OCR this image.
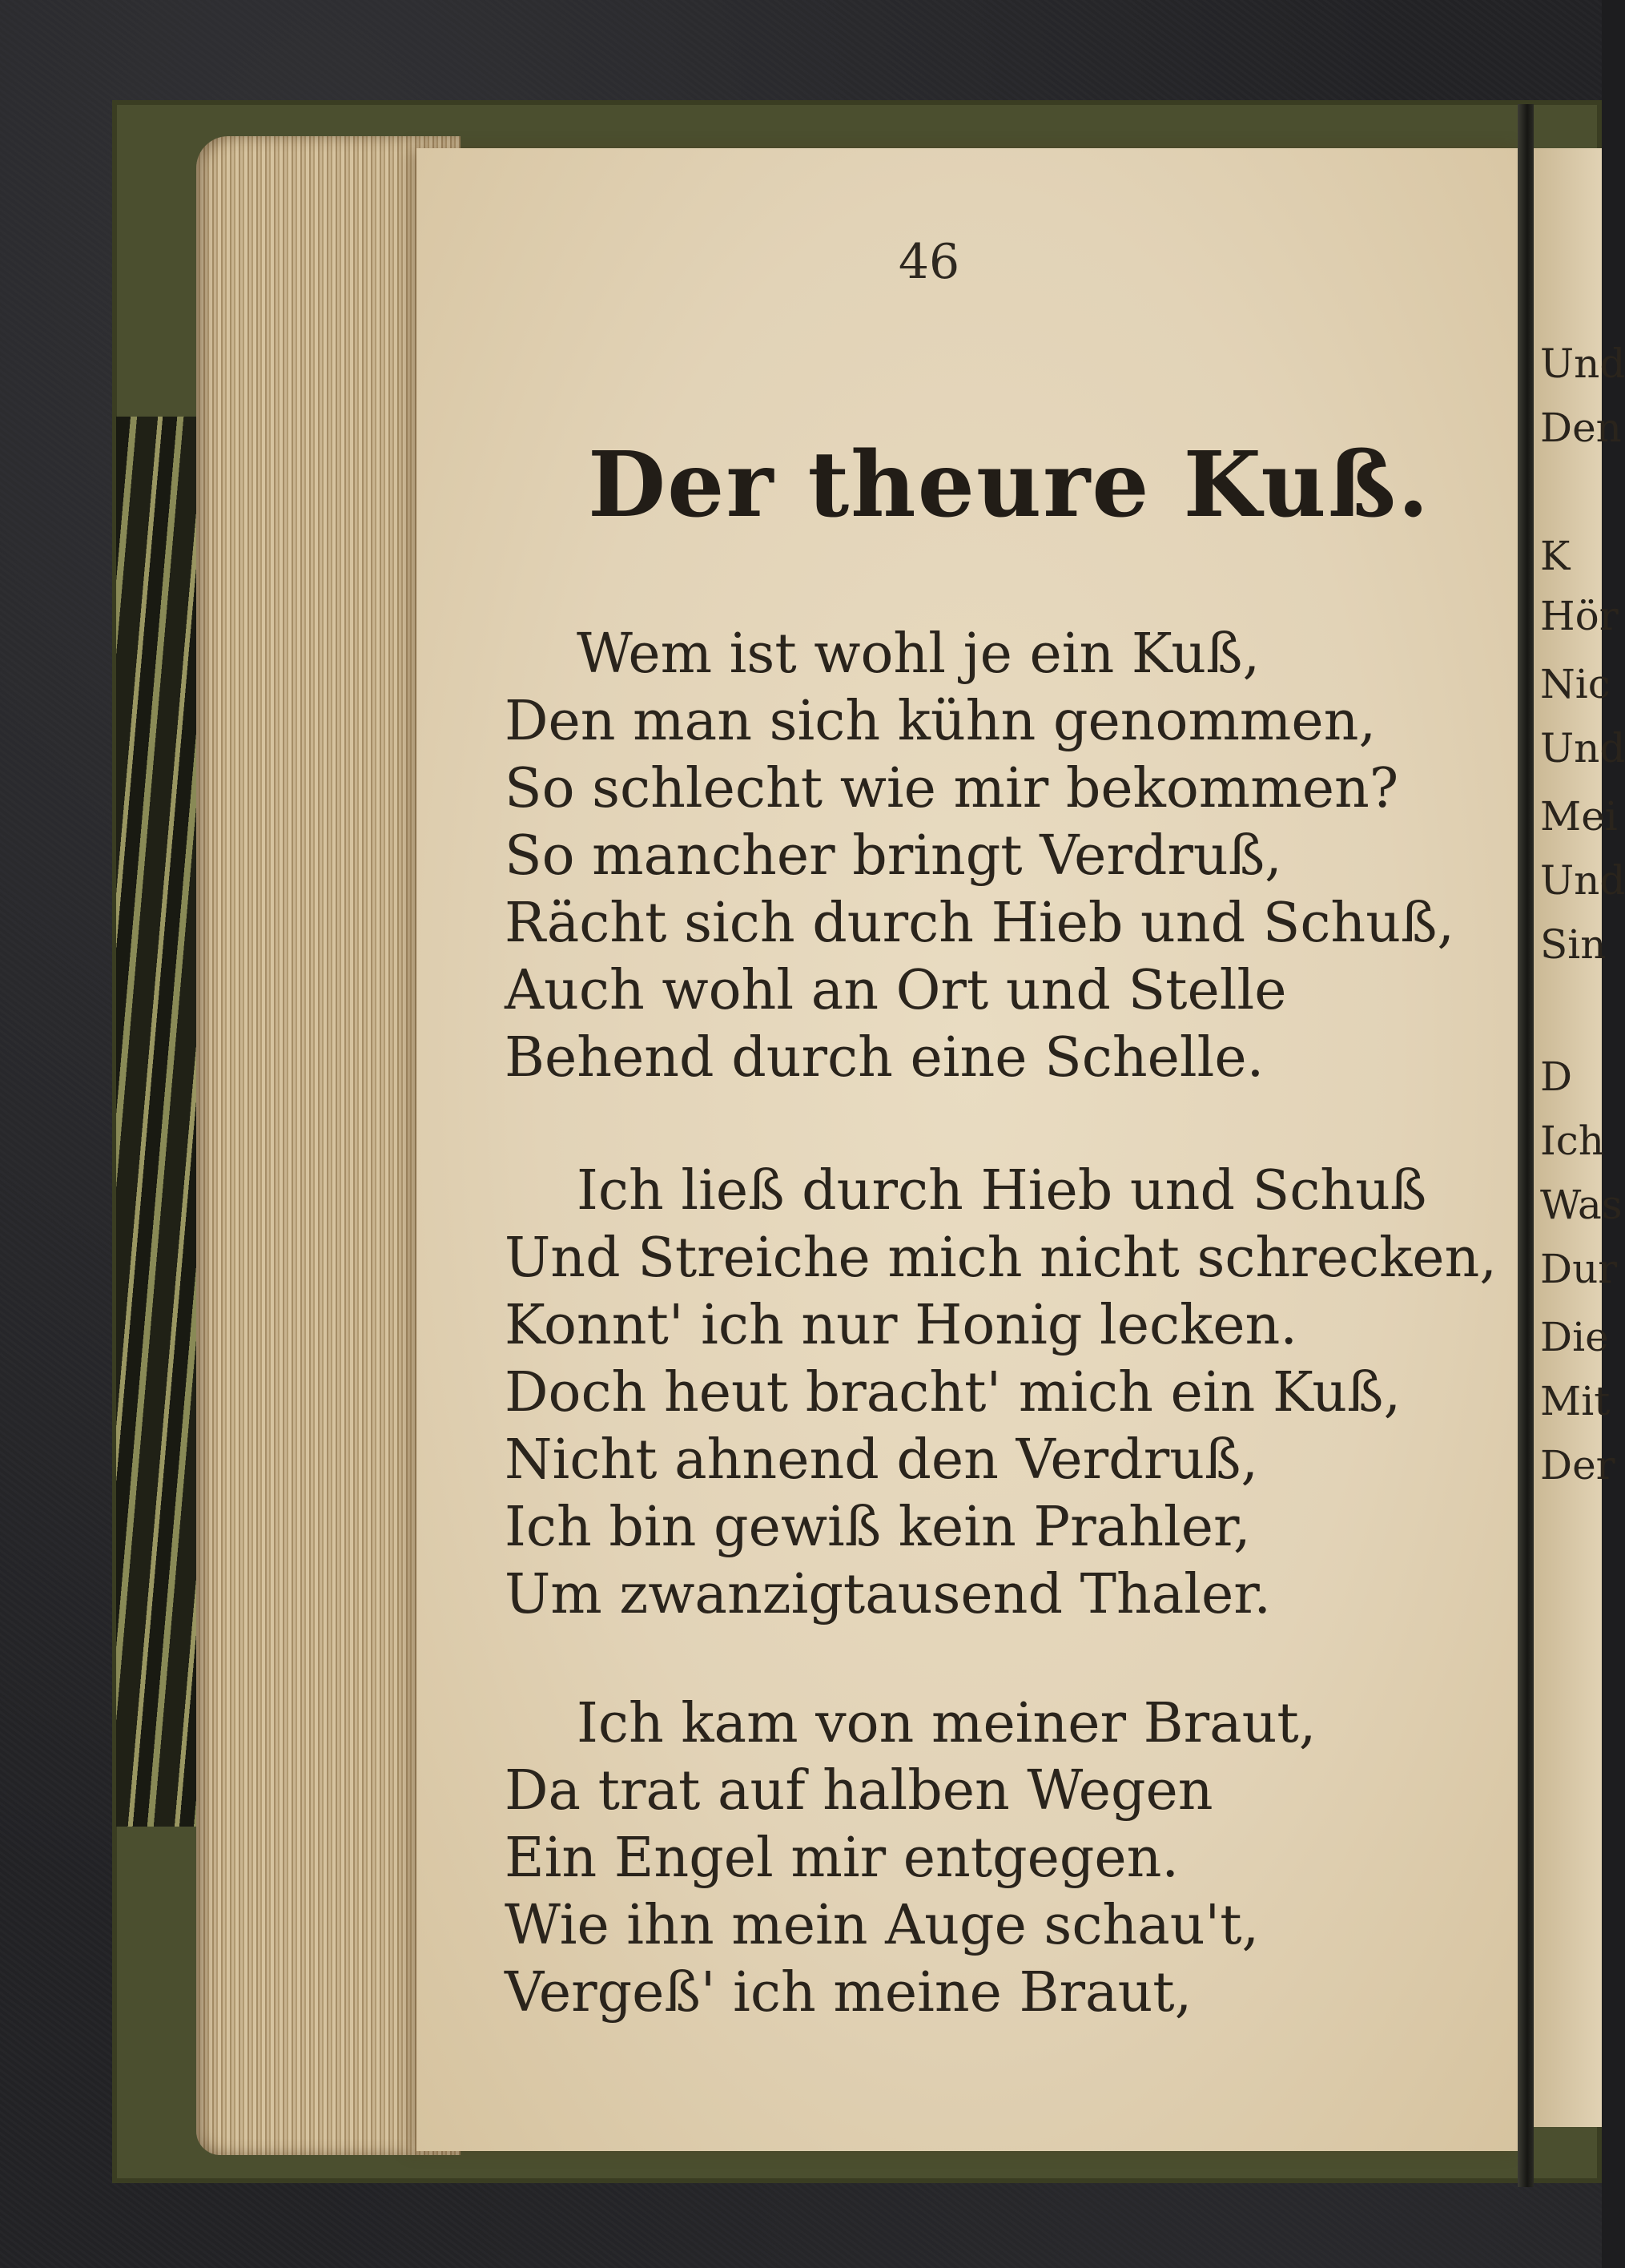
46
Der theure Kuß.
Wem ist wohl je ein Kuß,
Den man sich kühn genommen,
So schlecht wie mir bekommen?
So mancher bringt Verdruß,
Rächt sich durch Hieb und Schuß,
Auch wohl an Ort und Stelle
Behend durch eine Schelle.
Ich ließ durch Hieb und Schuß
Und Streiche mich nicht schrecken,
Konnt' ich nur Honig lecken.
Doch heut bracht' mich ein Kuß,
Nicht ahnend den Verdruß,
Ich bin gewiß kein Prahler,
Um zwanzigtausend Thaler.
Ich kam von meiner Braut,
Da trat auf halben Wegen
Ein Engel mir entgegen.
Wie ihn mein Auge schau't,
Vergeß' ich meine Braut,
Und
Den
K
Hör
Nic
Und
Mei
Und
Sin
D
Ich
Was
Dur
Die
Mit
Der
